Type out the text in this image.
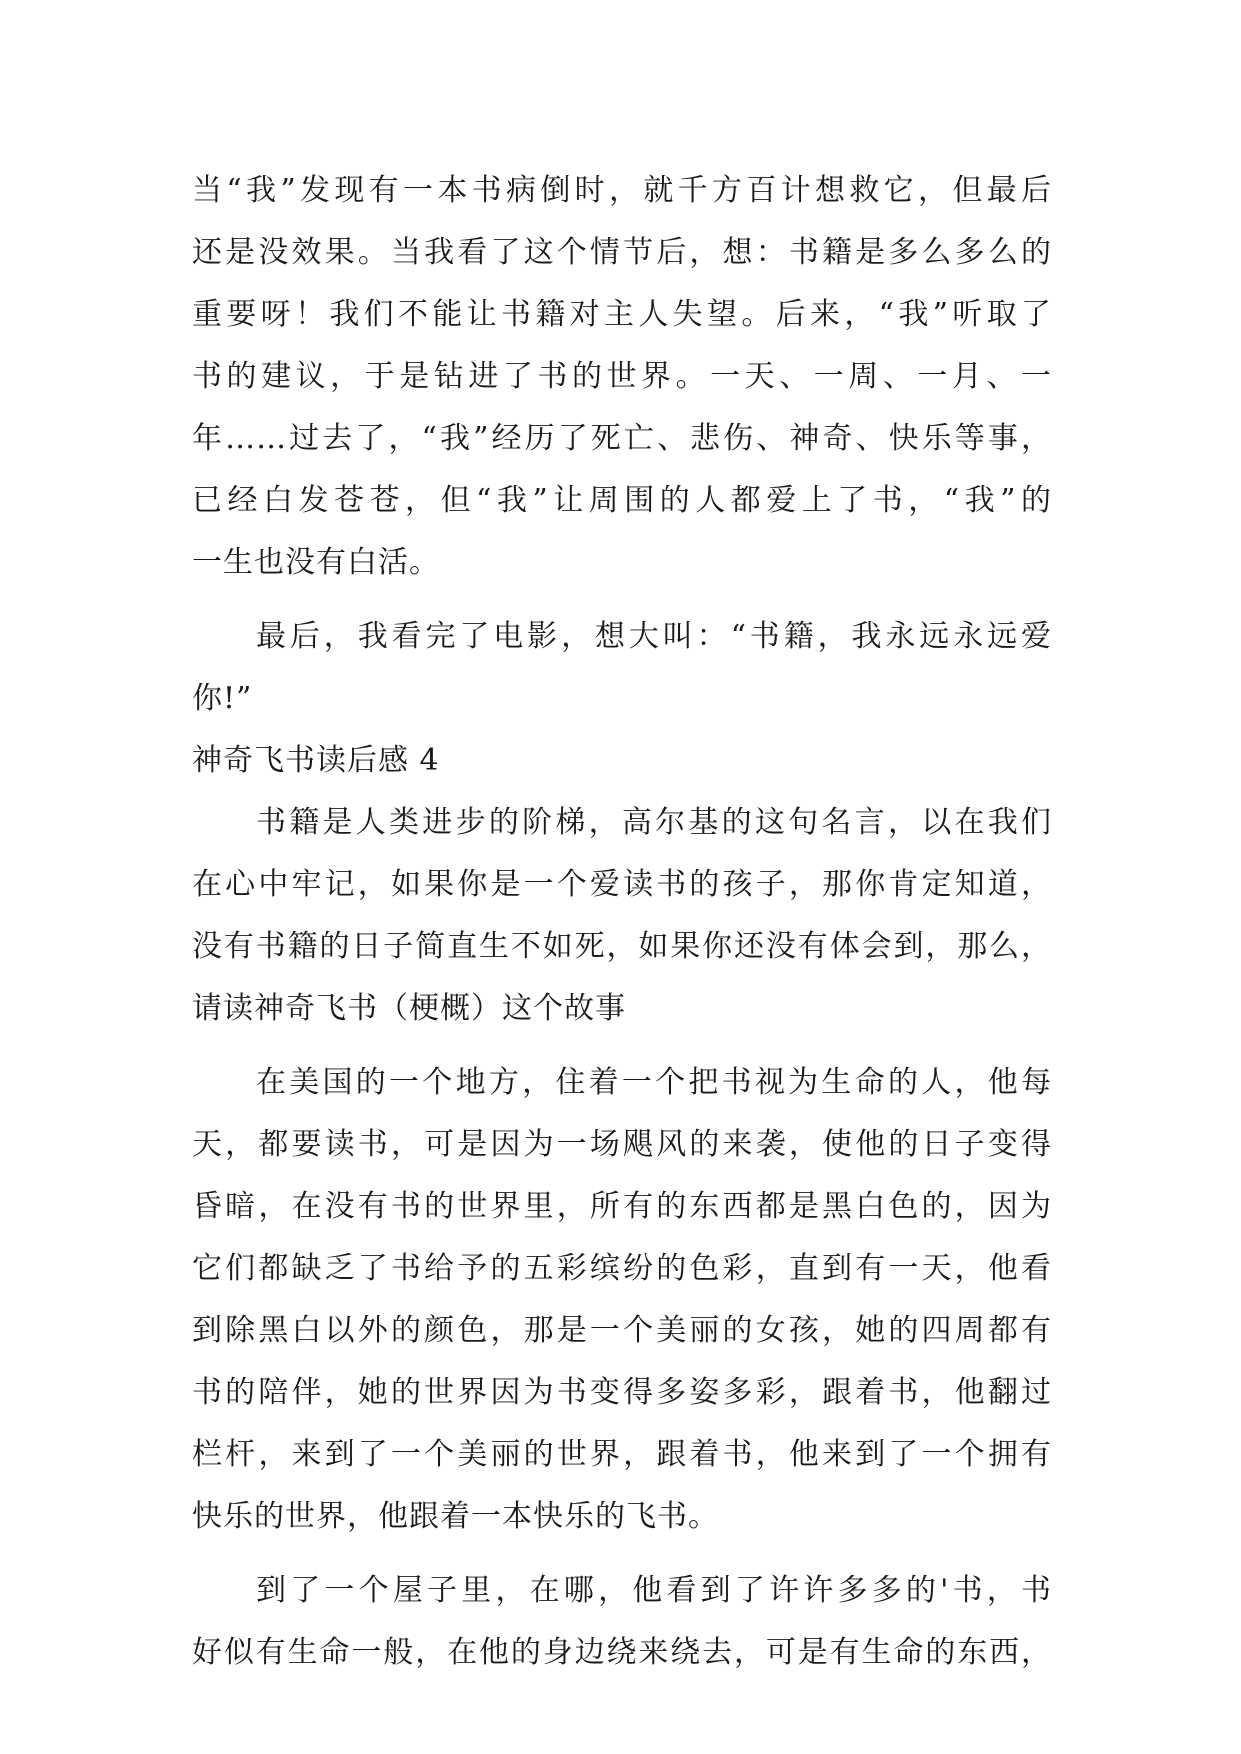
当“我”发现有一本书病倒时，就千方百计想救它，但最后
还是没效果。当我看了这个情节后，想：书籍是多么多么的
重要呀！我们不能让书籍对主人失望。后来，“我”听取了
书的建议，于是钻进了书的世界。一天、一周、一月、一
年……过去了，“我”经历了死亡、悲伤、神奇、快乐等事，
已经白发苍苍，但“我”让周围的人都爱上了书，“我”的
一生也没有白活。
最后，我看完了电影，想大叫：“书籍，我永远永远爱
你!”
神奇飞书读后感 4
书籍是人类进步的阶梯，高尔基的这句名言，以在我们
在心中牢记，如果你是一个爱读书的孩子，那你肯定知道，
没有书籍的日子简直生不如死，如果你还没有体会到，那么，
请读神奇飞书（梗概）这个故事
在美国的一个地方，住着一个把书视为生命的人，他每
天，都要读书，可是因为一场飓风的来袭，使他的日子变得
昏暗，在没有书的世界里，所有的东西都是黑白色的，因为
它们都缺乏了书给予的五彩缤纷的色彩，直到有一天，他看
到除黑白以外的颜色，那是一个美丽的女孩，她的四周都有
书的陪伴，她的世界因为书变得多姿多彩，跟着书，他翻过
栏杆，来到了一个美丽的世界，跟着书，他来到了一个拥有
快乐的世界，他跟着一本快乐的飞书。
到了一个屋子里，在哪，他看到了许许多多的'书，书
好似有生命一般，在他的身边绕来绕去，可是有生命的东西，
